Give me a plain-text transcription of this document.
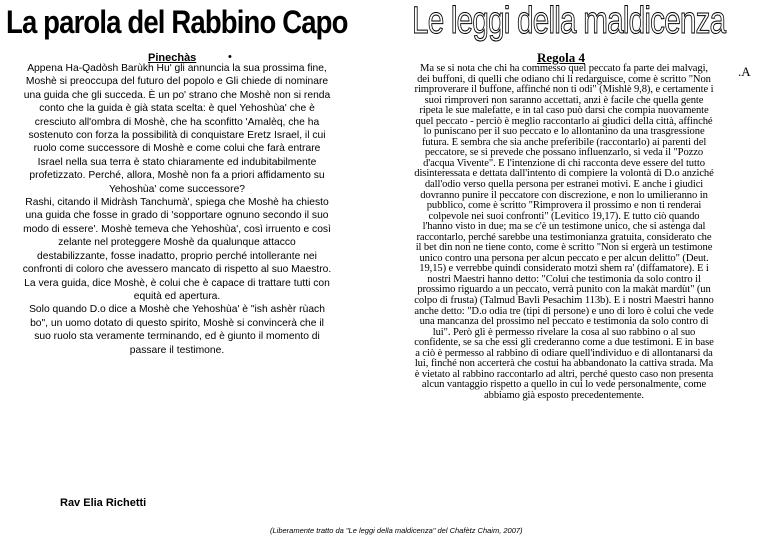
La parola del Rabbino Capo Le leggi della maldicenza
Pinechàs	•

Appena Ha-Qadòsh Barùkh Hu' gli annuncia la sua prossima fine, Moshè si preoccupa del futuro del popolo e Gli chiede di nominare una guida che gli succeda. È un po' strano che Moshè non si renda conto che la guida è già stata scelta: è quel Yehoshùa' che è cresciuto all'ombra di Moshè, che ha sconfitto 'Amalèq, che ha sostenuto con forza la possibilità di conquistare Eretz Israel, il cui ruolo come successore di Moshè e come colui che farà entrare Israel nella sua terra è stato chiaramente ed indubitabilmente profetizzato. Perché, allora, Moshè non fa a priori affidamento su Yehoshùa' come successore?

Rashi, citando il Midràsh Tanchumà', spiega che Moshè ha chiesto una guida che fosse in grado di 'sopportare ognuno secondo il suo modo di essere'. Moshè temeva che Yehoshùa', così irruento e così zelante nel proteggere Moshè da qualunque attacco destabilizzante, fosse inadatto, proprio perché intollerante nei confronti di coloro che avessero mancato di rispetto al suo Maestro. La vera guida, dice Moshè, è colui che è capace di trattare tutti con equità ed apertura.

Solo quando D.o dice a Moshè che Yehoshùa' è "ish ashèr rùach bo", un uomo dotato di questo spirito, Moshè si convincerà che il suo ruolo sta veramente terminando, ed è giunto il momento di passare il testimone.

Rav Elia Richetti
Regola 4
.A

Ma se si nota che chi ha commesso quel peccato fa parte dei malvagi, dei buffoni, di quelli che odiano chi li redarguisce, come è scritto "Non rimproverare il buffone, affinché non ti odi" (Mishlè 9,8), e certamente i suoi rimproveri non saranno accettati, anzi è facile che quella gente ripeta le sue malefatte, e in tal caso può darsi che compia nuovamente quel peccato - perciò è meglio raccontarlo ai giudici della città, affinché lo puniscano per il suo peccato e lo allontanino da una trasgressione futura. E sembra che sia anche preferibile (raccontarlo) ai parenti del peccatore, se si prevede che possano influenzarlo, si veda il "Pozzo d'acqua Vivente". E l'intenzione di chi racconta deve essere del tutto disinteressata e dettata dall'intento di compiere la volontà di D.o anziché dall'odio verso quella persona per estranei motivi. E anche i giudici dovranno punire il peccatore con discrezione, e non lo umilieranno in pubblico, come è scritto "Rimprovera il prossimo e non ti renderai colpevole nei suoi confronti" (Levitico 19,17). E tutto ciò quando l'hanno visto in due; ma se c'è un testimone unico, che si astenga dal raccontarlo, perché sarebbe una testimonianza gratuita, considerato che il bet din non ne tiene conto, come è scritto "Non si ergerà un testimone unico contro una persona per alcun peccato e per alcun delitto" (Deut. 19,15) e verrebbe quindi considerato motzì shem ra' (diffamatore). E i nostri Maestri hanno detto: "Colui che testimonia da solo contro il prossimo riguardo a un peccato, verrà punito con la makàt mardùt" (un colpo di frusta) (Talmud Bavlì Pesachim 113b). E i nostri Maestri hanno anche detto: "D.o odia tre (tipi di persone) e uno di loro è colui che vede una mancanza del prossimo nel peccato e testimonia da solo contro di lui". Però gli è permesso rivelare la cosa al suo rabbino o al suo confidente, se sa che essi gli crederanno come a due testimoni. E in base a ciò è permesso al rabbino di odiare quell'individuo e di allontanarsi da lui, finché non accerterà che costui ha abbandonato la cattiva strada. Ma è vietato al rabbino raccontarlo ad altri, perché questo caso non presenta alcun vantaggio rispetto a quello in cui lo vede personalmente, come abbiamo già esposto precedentemente.

(Liberamente tratto da "Le leggi della maldicenza" del Chafètz Chaim, 2007)
